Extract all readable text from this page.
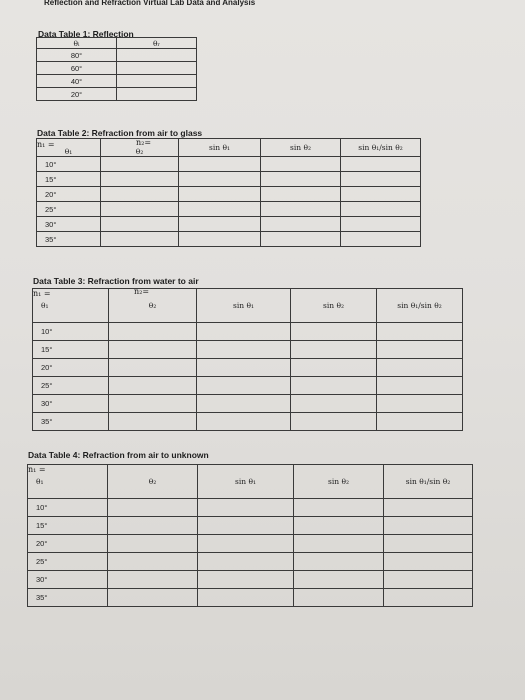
Reflection and Refraction Virtual Lab Data and Analysis
Data Table 1: Reflection
θᵢ	θᵣ
80°	
60°	
40°	
20°	
Data Table 2: Refraction from air to glass
n₁ =	n₂=
θ₁	θ₂	sin θ₁	sin θ₂	sin θ₁/sin θ₂
10°				
15°				
20°				
25°				
30°				
35°				
Data Table 3: Refraction from water to air
n₁ =	n₂=
θ₁	θ₂	sin θ₁	sin θ₂	sin θ₁/sin θ₂
10°				
15°				
20°				
25°				
30°				
35°				
Data Table 4: Refraction from air to unknown
n₁ =
θ₁	θ₂	sin θ₁	sin θ₂	sin θ₁/sin θ₂
10°				
15°				
20°				
25°				
30°				
35°				
